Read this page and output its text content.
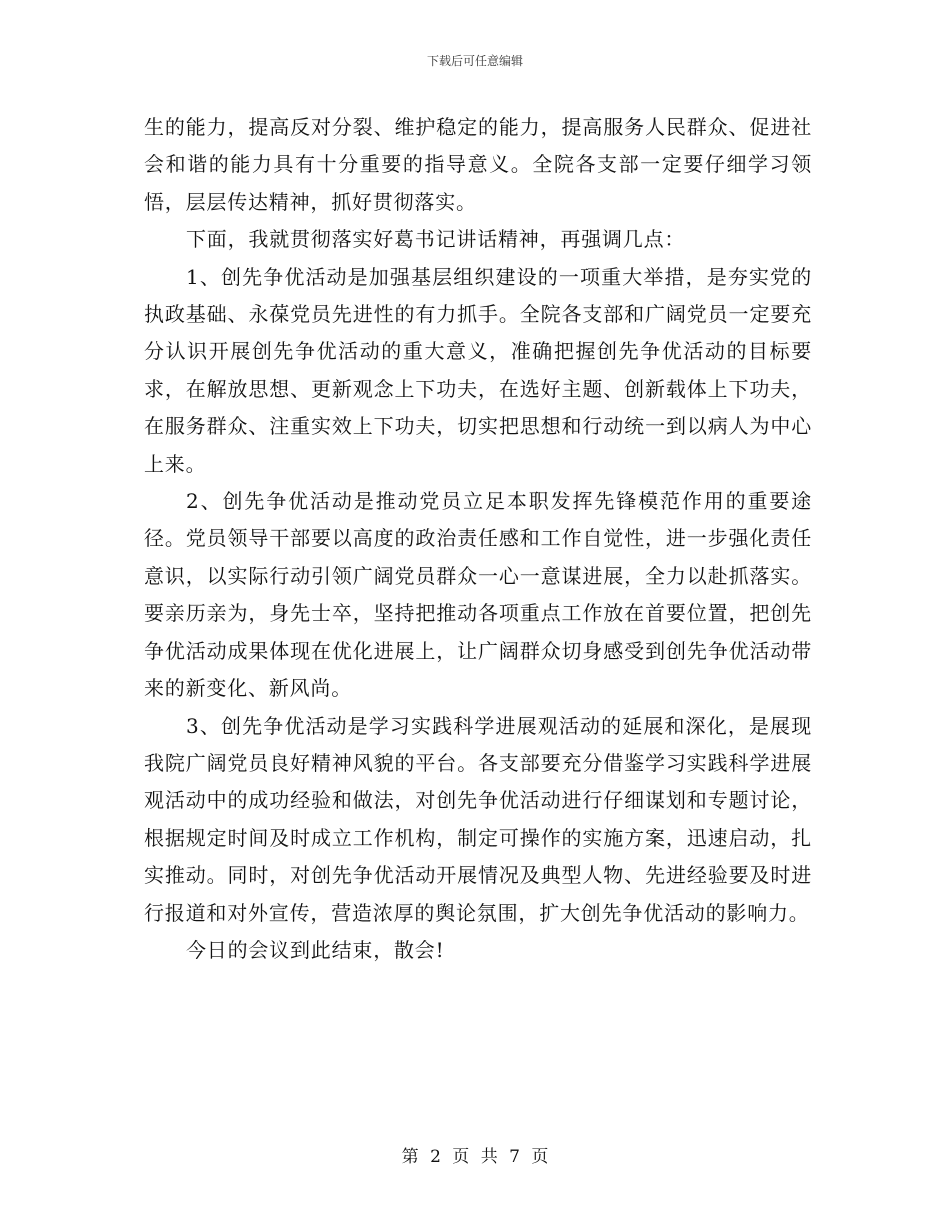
下载后可任意编辑

生的能力，提高反对分裂、维护稳定的能力，提高服务人民群众、促进社会和谐的能力具有十分重要的指导意义。全院各支部一定要仔细学习领悟，层层传达精神，抓好贯彻落实。

下面，我就贯彻落实好葛书记讲话精神，再强调几点：

1、创先争优活动是加强基层组织建设的一项重大举措，是夯实党的执政基础、永葆党员先进性的有力抓手。全院各支部和广阔党员一定要充分认识开展创先争优活动的重大意义，准确把握创先争优活动的目标要求，在解放思想、更新观念上下功夫，在选好主题、创新载体上下功夫，在服务群众、注重实效上下功夫，切实把思想和行动统一到以病人为中心上来。

2、创先争优活动是推动党员立足本职发挥先锋模范作用的重要途径。党员领导干部要以高度的政治责任感和工作自觉性，进一步强化责任意识，以实际行动引领广阔党员群众一心一意谋进展，全力以赴抓落实。要亲历亲为，身先士卒，坚持把推动各项重点工作放在首要位置，把创先争优活动成果体现在优化进展上，让广阔群众切身感受到创先争优活动带来的新变化、新风尚。

3、创先争优活动是学习实践科学进展观活动的延展和深化，是展现我院广阔党员良好精神风貌的平台。各支部要充分借鉴学习实践科学进展观活动中的成功经验和做法，对创先争优活动进行仔细谋划和专题讨论，根据规定时间及时成立工作机构，制定可操作的实施方案，迅速启动，扎实推动。同时，对创先争优活动开展情况及典型人物、先进经验要及时进行报道和对外宣传，营造浓厚的舆论氛围，扩大创先争优活动的影响力。

今日的会议到此结束，散会!

第 2 页 共 7 页
